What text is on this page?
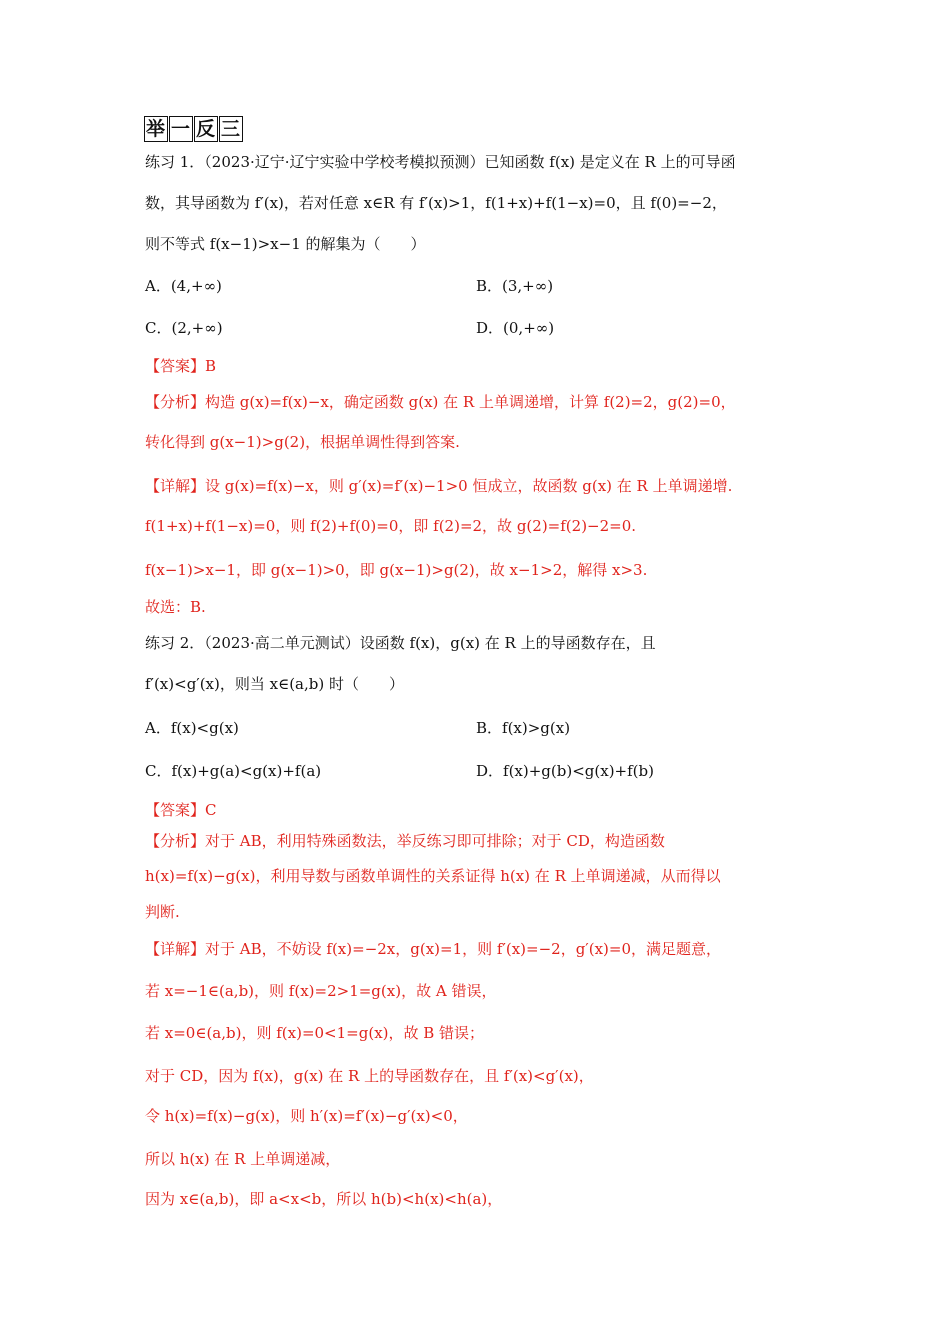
举 一 反 三
练习 1．（2023·辽宁·辽宁实验中学校考模拟预测）已知函数 f(x) 是定义在 R 上的可导函
数，其导函数为 f′(x)，若对任意 x∈R 有 f′(x)>1，f(1+x)+f(1−x)=0，且 f(0)=−2，
则不等式 f(x−1)>x−1 的解集为（　　）
A．(4,+∞)	B．(3,+∞)
C．(2,+∞)	D．(0,+∞)
【答案】B
【分析】构造 g(x)=f(x)−x，确定函数 g(x) 在 R 上单调递增，计算 f(2)=2，g(2)=0，
转化得到 g(x−1)>g(2)，根据单调性得到答案.
【详解】设 g(x)=f(x)−x，则 g′(x)=f′(x)−1>0 恒成立，故函数 g(x) 在 R 上单调递增.
f(1+x)+f(1−x)=0，则 f(2)+f(0)=0，即 f(2)=2，故 g(2)=f(2)−2=0.
f(x−1)>x−1，即 g(x−1)>0，即 g(x−1)>g(2)，故 x−1>2，解得 x>3.
故选：B.
练习 2．（2023·高二单元测试）设函数 f(x)，g(x) 在 R 上的导函数存在，且
f′(x)<g′(x)，则当 x∈(a,b) 时（　　）
A．f(x)<g(x)	B．f(x)>g(x)
C．f(x)+g(a)<g(x)+f(a)	D．f(x)+g(b)<g(x)+f(b)
【答案】C
【分析】对于 AB，利用特殊函数法，举反练习即可排除；对于 CD，构造函数
h(x)=f(x)−g(x)，利用导数与函数单调性的关系证得 h(x) 在 R 上单调递减，从而得以
判断.
【详解】对于 AB，不妨设 f(x)=−2x，g(x)=1，则 f′(x)=−2，g′(x)=0，满足题意，
若 x=−1∈(a,b)，则 f(x)=2>1=g(x)，故 A 错误，
若 x=0∈(a,b)，则 f(x)=0<1=g(x)，故 B 错误；
对于 CD，因为 f(x)，g(x) 在 R 上的导函数存在，且 f′(x)<g′(x)，
令 h(x)=f(x)−g(x)，则 h′(x)=f′(x)−g′(x)<0，
所以 h(x) 在 R 上单调递减，
因为 x∈(a,b)，即 a<x<b，所以 h(b)<h(x)<h(a)，
